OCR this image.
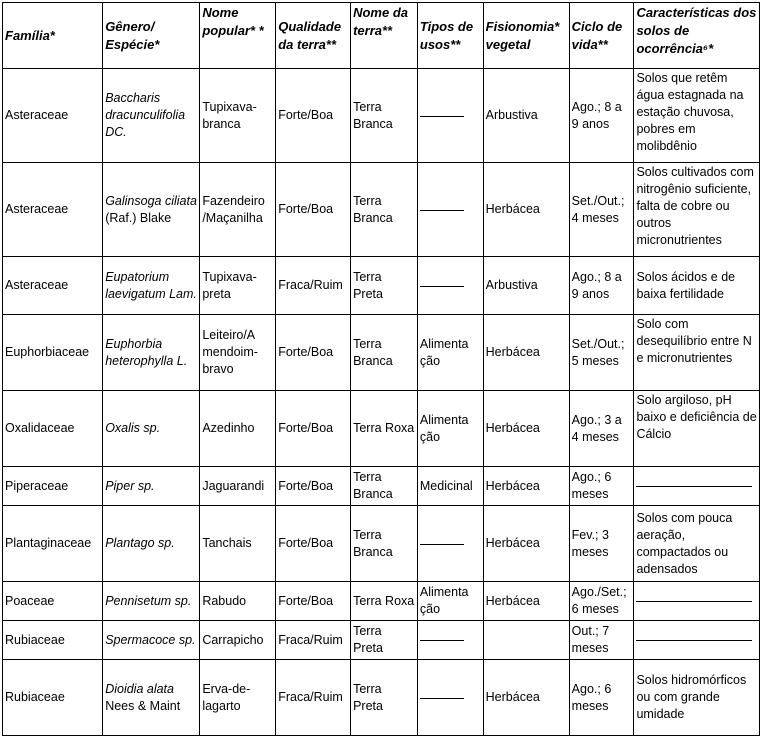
Família*	Gênero/ Espécie*	Nome popular* *	Qualidade da terra**	Nome da terra**	Tipos de usos**	Fisionomia* vegetal	Ciclo de vida**	Características dos solos de ocorrência⁶*
Asteraceae	Baccharis dracunculifolia DC.	Tupixava-branca	Forte/Boa	Terra Branca		Arbustiva	Ago.; 8 a 9 anos	Solos que retêm água estagnada na estação chuvosa, pobres em molibdênio
Asteraceae	Galinsoga ciliata (Raf.) Blake	Fazendeiro /Maçanilha	Forte/Boa	Terra Branca		Herbácea	Set./Out.; 4 meses	Solos cultivados com nitrogênio suficiente, falta de cobre ou outros micronutrientes
Asteraceae	Eupatorium laevigatum Lam.	Tupixava-preta	Fraca/Ruim	Terra Preta		Arbustiva	Ago.; 8 a 9 anos	Solos ácidos e de baixa fertilidade
Euphorbiaceae	Euphorbia heterophylla L.	Leiteiro/A mendoim-bravo	Forte/Boa	Terra Branca	Alimenta ção	Herbácea	Set./Out.; 5 meses	Solo com desequilíbrio entre N e micronutrientes
Oxalidaceae	Oxalis sp.	Azedinho	Forte/Boa	Terra Roxa	Alimenta ção	Herbácea	Ago.; 3 a 4 meses	Solo argiloso, pH baixo e deficiência de Cálcio
Piperaceae	Piper sp.	Jaguarandi	Forte/Boa	Terra Branca	Medicinal	Herbácea	Ago.; 6 meses	
Plantaginaceae	Plantago sp.	Tanchais	Forte/Boa	Terra Branca		Herbácea	Fev.; 3 meses	Solos com pouca aeração, compactados ou adensados
Poaceae	Pennisetum sp.	Rabudo	Forte/Boa	Terra Roxa	Alimenta ção	Herbácea	Ago./Set.; 6 meses	
Rubiaceae	Spermacoce sp.	Carrapicho	Fraca/Ruim	Terra Preta			Out.; 7 meses	
Rubiaceae	Dioidia alata Nees & Maint	Erva-de-lagarto	Fraca/Ruim	Terra Preta		Herbácea	Ago.; 6 meses	Solos hidromórficos ou com grande umidade
